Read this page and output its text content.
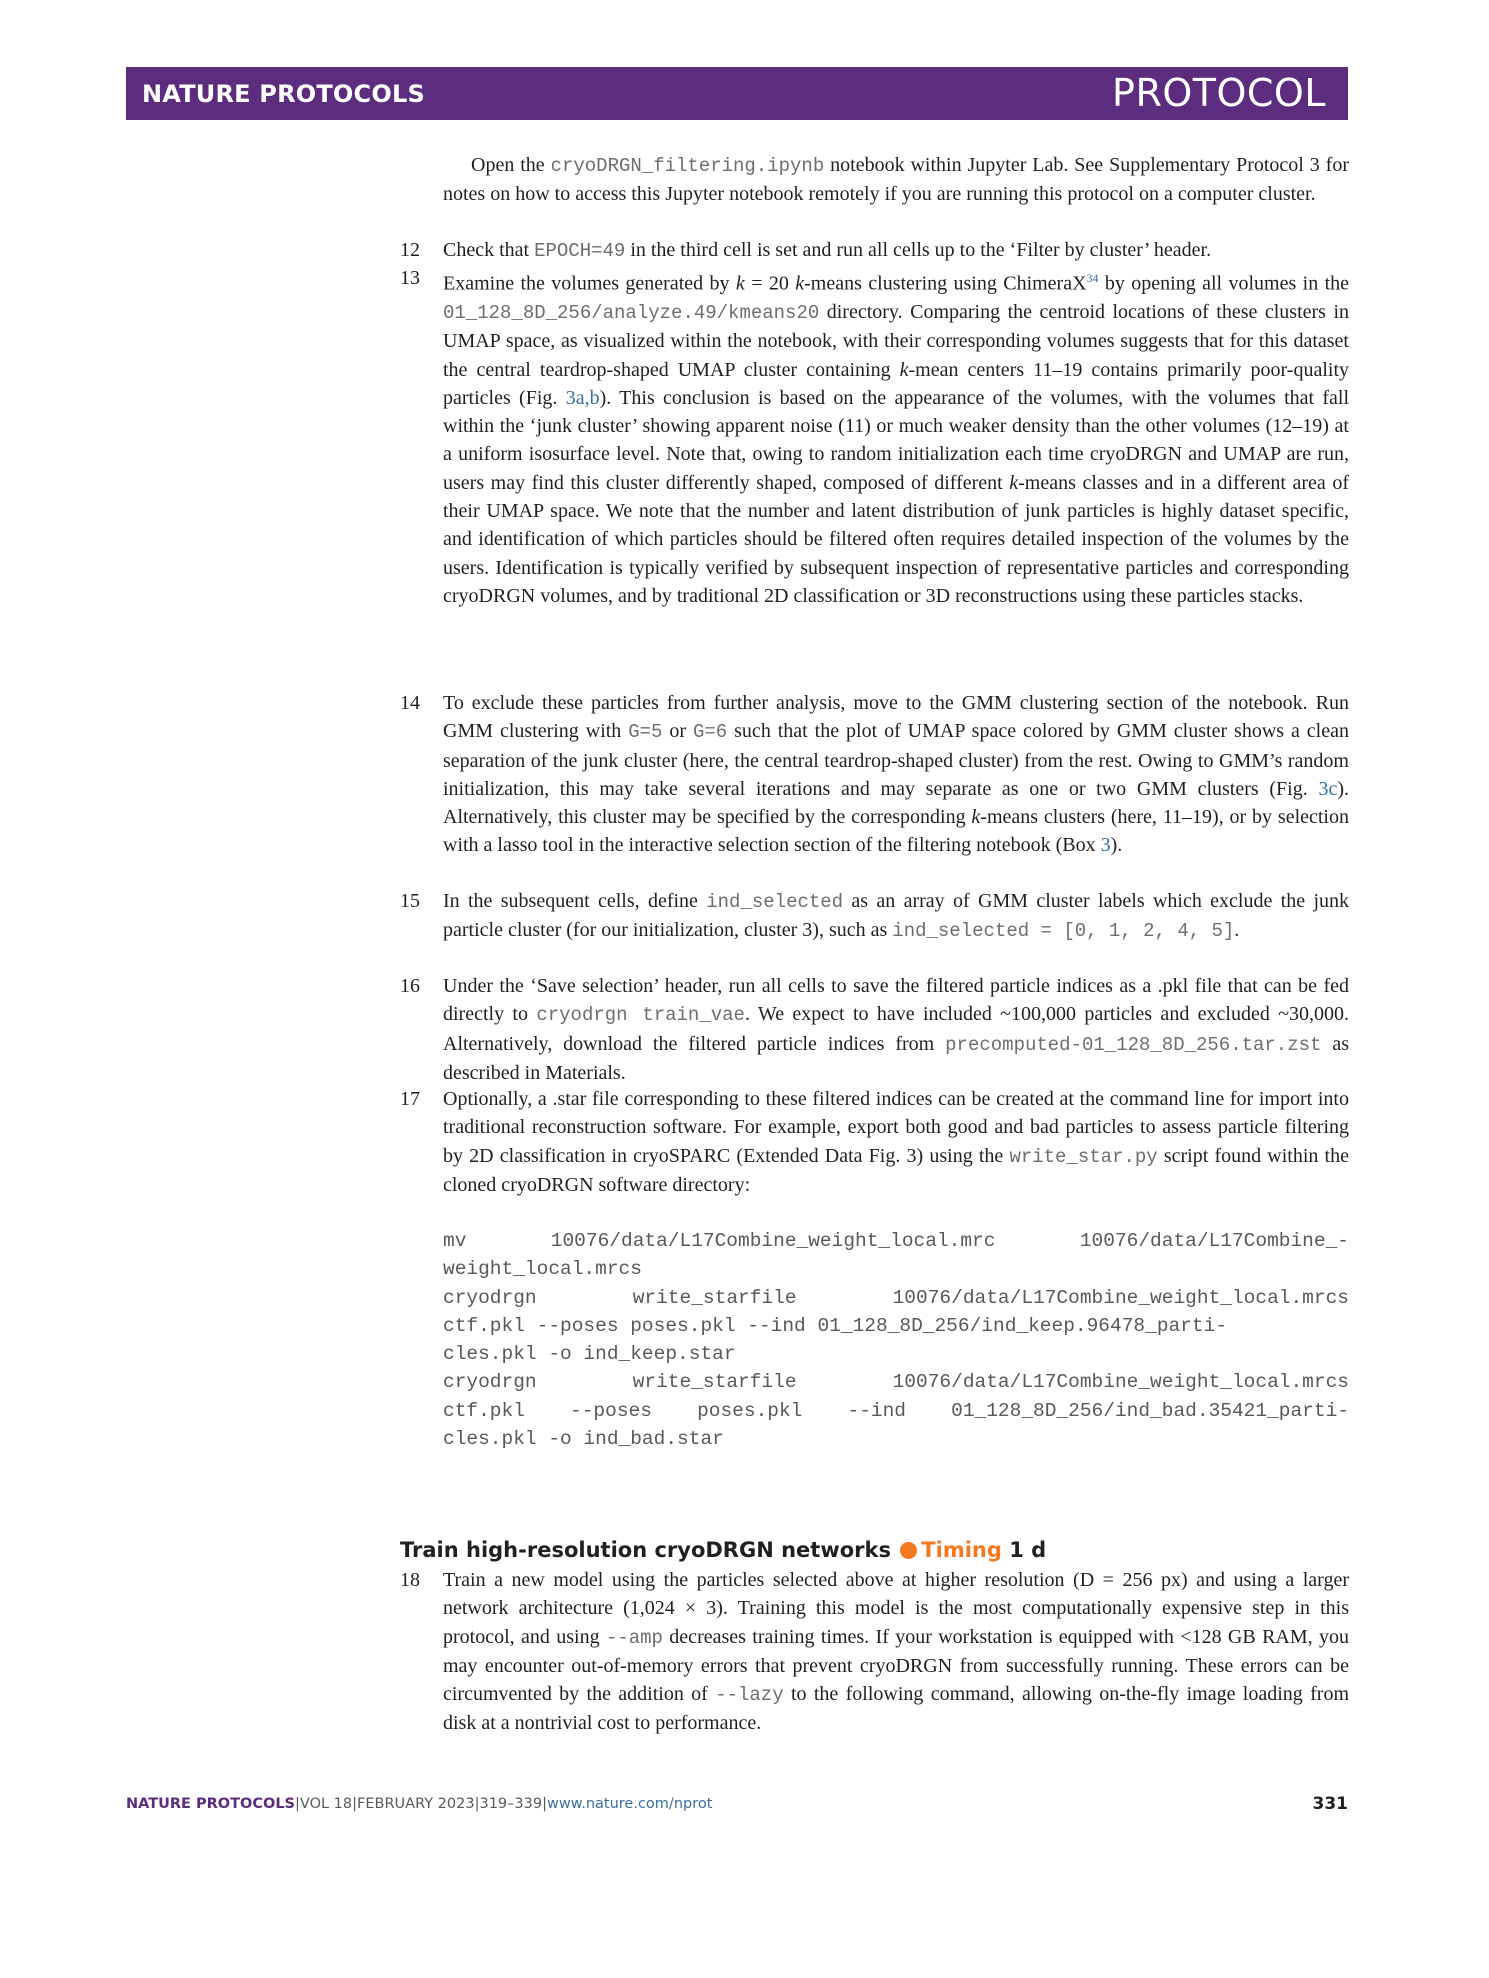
NATURE PROTOCOLS	PROTOCOL
Open the cryoDRGN_filtering.ipynb notebook within Jupyter Lab. See Supplementary Protocol 3 for notes on how to access this Jupyter notebook remotely if you are running this protocol on a computer cluster.
12 Check that EPOCH=49 in the third cell is set and run all cells up to the ‘Filter by cluster’ header.
13 Examine the volumes generated by k = 20 k-means clustering using ChimeraX$^{34}$ by opening all volumes in the 01_128_8D_256/analyze.49/kmeans20 directory. Comparing the centroid locations of these clusters in UMAP space, as visualized within the notebook, with their corresponding volumes suggests that for this dataset the central teardrop-shaped UMAP cluster containing k-mean centers 11–19 contains primarily poor-quality particles (Fig. 3a,b). This conclusion is based on the appearance of the volumes, with the volumes that fall within the ‘junk cluster’ showing apparent noise (11) or much weaker density than the other volumes (12–19) at a uniform isosurface level. Note that, owing to random initialization each time cryoDRGN and UMAP are run, users may find this cluster differently shaped, composed of different k-means classes and in a different area of their UMAP space. We note that the number and latent distribution of junk particles is highly dataset specific, and identification of which particles should be filtered often requires detailed inspection of the volumes by the users. Identification is typically verified by subsequent inspection of representative particles and corresponding cryoDRGN volumes, and by traditional 2D classification or 3D reconstructions using these particles stacks.
14 To exclude these particles from further analysis, move to the GMM clustering section of the notebook. Run GMM clustering with G=5 or G=6 such that the plot of UMAP space colored by GMM cluster shows a clean separation of the junk cluster (here, the central teardrop-shaped cluster) from the rest. Owing to GMM’s random initialization, this may take several iterations and may separate as one or two GMM clusters (Fig. 3c). Alternatively, this cluster may be specified by the corresponding k-means clusters (here, 11–19), or by selection with a lasso tool in the interactive selection section of the filtering notebook (Box 3).
15 In the subsequent cells, define ind_selected as an array of GMM cluster labels which exclude the junk particle cluster (for our initialization, cluster 3), such as ind_selected = [0, 1, 2, 4, 5].
16 Under the ‘Save selection’ header, run all cells to save the filtered particle indices as a .pkl file that can be fed directly to cryodrgn train_vae. We expect to have included ~100,000 particles and excluded ~30,000. Alternatively, download the filtered particle indices from precomputed-01_128_8D_256.tar.zst as described in Materials.
17 Optionally, a .star file corresponding to these filtered indices can be created at the command line for import into traditional reconstruction software. For example, export both good and bad particles to assess particle filtering by 2D classification in cryoSPARC (Extended Data Fig. 3) using the write_star.py script found within the cloned cryoDRGN software directory:
mv	10076/data/L17Combine_weight_local.mrc	10076/data/L17Combine_-
weight_local.mrcs
cryodrgn	write_starfile	10076/data/L17Combine_weight_local.mrcs
ctf.pkl --poses poses.pkl --ind 01_128_8D_256/ind_keep.96478_parti-
cles.pkl -o ind_keep.star
cryodrgn	write_starfile	10076/data/L17Combine_weight_local.mrcs
ctf.pkl --poses poses.pkl --ind 01_128_8D_256/ind_bad.35421_parti-
cles.pkl -o ind_bad.star
Train high-resolution cryoDRGN networks Timing 1 d
18 Train a new model using the particles selected above at higher resolution (D = 256 px) and using a larger network architecture (1,024 × 3). Training this model is the most computationally expensive step in this protocol, and using --amp decreases training times. If your workstation is equipped with <128 GB RAM, you may encounter out-of-memory errors that prevent cryoDRGN from successfully running. These errors can be circumvented by the addition of --lazy to the following command, allowing on-the-fly image loading from disk at a nontrivial cost to performance.
NATURE PROTOCOLS|VOL 18|FEBRUARY 2023|319–339|www.nature.com/nprot	331
